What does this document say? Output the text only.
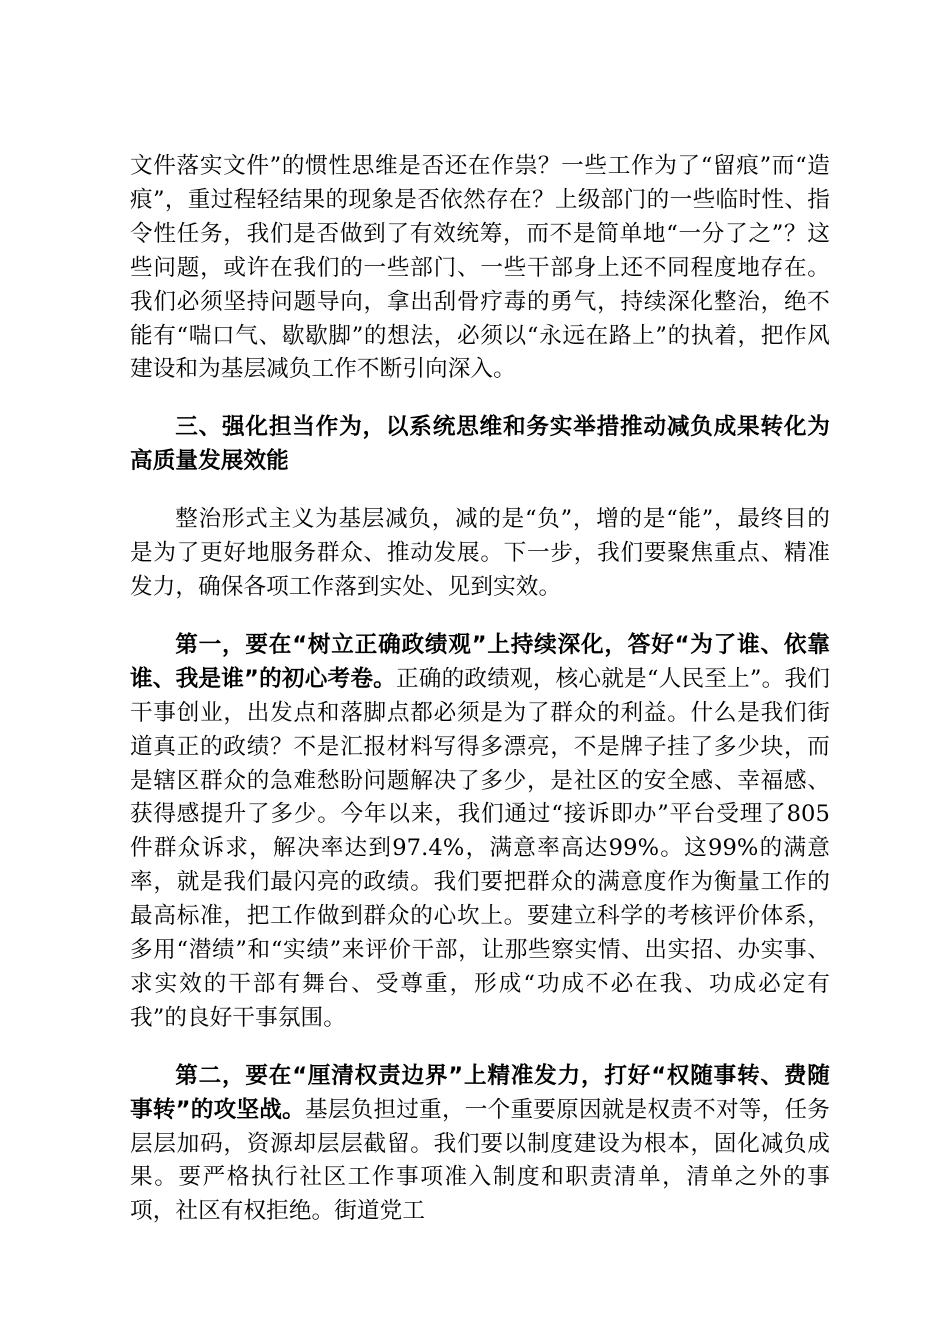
文件落实文件”的惯性思维是否还在作祟？一些工作为了“留痕”而“造痕”，重过程轻结果的现象是否依然存在？上级部门的一些临时性、指令性任务，我们是否做到了有效统筹，而不是简单地“一分了之”？这些问题，或许在我们的一些部门、一些干部身上还不同程度地存在。我们必须坚持问题导向，拿出刮骨疗毒的勇气，持续深化整治，绝不能有“喘口气、歇歇脚”的想法，必须以“永远在路上”的执着，把作风建设和为基层减负工作不断引向深入。

三、强化担当作为，以系统思维和务实举措推动减负成果转化为高质量发展效能

整治形式主义为基层减负，减的是“负”，增的是“能”，最终目的是为了更好地服务群众、推动发展。下一步，我们要聚焦重点、精准发力，确保各项工作落到实处、见到实效。

第一，要在“树立正确政绩观”上持续深化，答好“为了谁、依靠谁、我是谁”的初心考卷。正确的政绩观，核心就是“人民至上”。我们干事创业，出发点和落脚点都必须是为了群众的利益。什么是我们街道真正的政绩？不是汇报材料写得多漂亮，不是牌子挂了多少块，而是辖区群众的急难愁盼问题解决了多少，是社区的安全感、幸福感、获得感提升了多少。今年以来，我们通过“接诉即办”平台受理了805件群众诉求，解决率达到97.4%，满意率高达99%。这99%的满意率，就是我们最闪亮的政绩。我们要把群众的满意度作为衡量工作的最高标准，把工作做到群众的心坎上。要建立科学的考核评价体系，多用“潜绩”和“实绩”来评价干部，让那些察实情、出实招、办实事、求实效的干部有舞台、受尊重，形成“功成不必在我、功成必定有我”的良好干事氛围。

第二，要在“厘清权责边界”上精准发力，打好“权随事转、费随事转”的攻坚战。基层负担过重，一个重要原因就是权责不对等，任务层层加码，资源却层层截留。我们要以制度建设为根本，固化减负成果。要严格执行社区工作事项准入制度和职责清单，清单之外的事项，社区有权拒绝。街道党工
